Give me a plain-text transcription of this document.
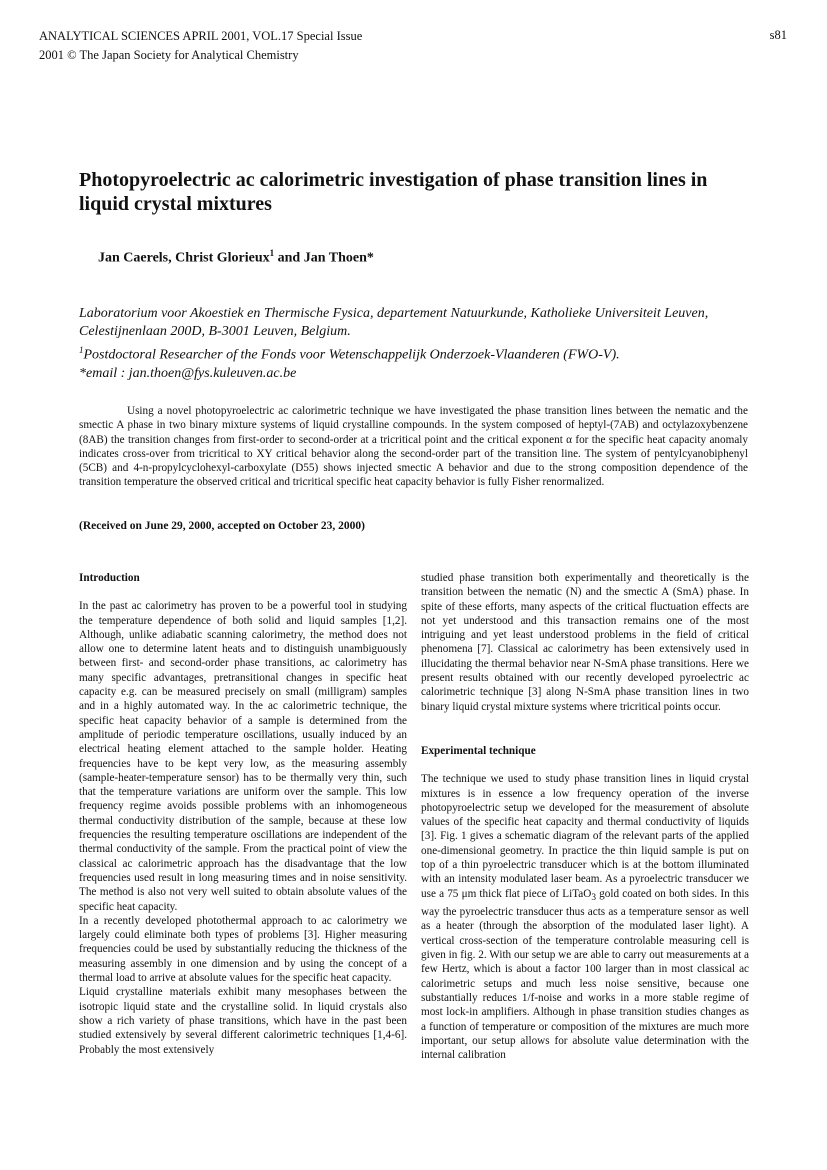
ANALYTICAL SCIENCES APRIL 2001, VOL.17 Special Issue
2001 © The Japan Society for Analytical Chemistry
s81
Photopyroelectric ac calorimetric investigation of phase transition lines in liquid crystal mixtures
Jan Caerels, Christ Glorieux$^1$ and Jan Thoen*
Laboratorium voor Akoestiek en Thermische Fysica, departement Natuurkunde, Katholieke Universiteit Leuven, Celestijnenlaan 200D, B-3001 Leuven, Belgium.
$^1$Postdoctoral Researcher of the Fonds voor Wetenschappelijk Onderzoek-Vlaanderen (FWO-V).
*email : jan.thoen@fys.kuleuven.ac.be

Using a novel photopyroelectric ac calorimetric technique we have investigated the phase transition lines between the nematic and the smectic A phase in two binary mixture systems of liquid crystalline compounds. In the system composed of heptyl-(7AB) and octylazoxybenzene (8AB) the transition changes from first-order to second-order at a tricritical point and the critical exponent α for the specific heat capacity anomaly indicates cross-over from tricritical to XY critical behavior along the second-order part of the transition line. The system of pentylcyanobiphenyl (5CB) and 4-n-propylcyclohexyl-carboxylate (D55) shows injected smectic A behavior and due to the strong composition dependence of the transition temperature the observed critical and tricritical specific heat capacity behavior is fully Fisher renormalized.

(Received on June 29, 2000, accepted on October 23, 2000)
Introduction

In the past ac calorimetry has proven to be a powerful tool in studying the temperature dependence of both solid and liquid samples [1,2]. Although, unlike adiabatic scanning calorimetry, the method does not allow one to determine latent heats and to distinguish unambiguously between first- and second-order phase transitions, ac calorimetry has many specific advantages, pretransitional changes in specific heat capacity e.g. can be measured precisely on small (milligram) samples and in a highly automated way. In the ac calorimetric technique, the specific heat capacity behavior of a sample is determined from the amplitude of periodic temperature oscillations, usually induced by an electrical heating element attached to the sample holder. Heating frequencies have to be kept very low, as the measuring assembly (sample-heater-temperature sensor) has to be thermally very thin, such that the temperature variations are uniform over the sample. This low frequency regime avoids possible problems with an inhomogeneous thermal conductivity distribution of the sample, because at these low frequencies the resulting temperature oscillations are independent of the thermal conductivity of the sample. From the practical point of view the classical ac calorimetric approach has the disadvantage that the low frequencies used result in long measuring times and in noise sensitivity. The method is also not very well suited to obtain absolute values of the specific heat capacity.

In a recently developed photothermal approach to ac calorimetry we largely could eliminate both types of problems [3]. Higher measuring frequencies could be used by substantially reducing the thickness of the measuring assembly in one dimension and by using the concept of a thermal load to arrive at absolute values for the specific heat capacity.

Liquid crystalline materials exhibit many mesophases between the isotropic liquid state and the crystalline solid. In liquid crystals also show a rich variety of phase transitions, which have in the past been studied extensively by several different calorimetric techniques [1,4-6]. Probably the most extensively

studied phase transition both experimentally and theoretically is the transition between the nematic (N) and the smectic A (SmA) phase. In spite of these efforts, many aspects of the critical fluctuation effects are not yet understood and this transaction remains one of the most intriguing and yet least understood problems in the field of critical phenomena [7]. Classical ac calorimetry has been extensively used in illucidating the thermal behavior near N-SmA phase transitions. Here we present results obtained with our recently developed pyroelectric ac calorimetric technique [3] along N-SmA phase transition lines in two binary liquid crystal mixture systems where tricritical points occur.

Experimental technique

The technique we used to study phase transition lines in liquid crystal mixtures is in essence a low frequency operation of the inverse photopyroelectric setup we developed for the measurement of absolute values of the specific heat capacity and thermal conductivity of liquids [3]. Fig. 1 gives a schematic diagram of the relevant parts of the applied one-dimensional geometry. In practice the thin liquid sample is put on top of a thin pyroelectric transducer which is at the bottom illuminated with an intensity modulated laser beam. As a pyroelectric transducer we use a 75 μm thick flat piece of LiTaO$_3$ gold coated on both sides. In this way the pyroelectric transducer thus acts as a temperature sensor as well as a heater (through the absorption of the modulated laser light). A vertical cross-section of the temperature controlable measuring cell is given in fig. 2. With our setup we are able to carry out measurements at a few Hertz, which is about a factor 100 larger than in most classical ac calorimetric setups and much less noise sensitive, because one substantially reduces 1/f-noise and works in a more stable regime of most lock-in amplifiers. Although in phase transition studies changes as a function of temperature or composition of the mixtures are much more important, our setup allows for absolute value determination with the internal calibration
